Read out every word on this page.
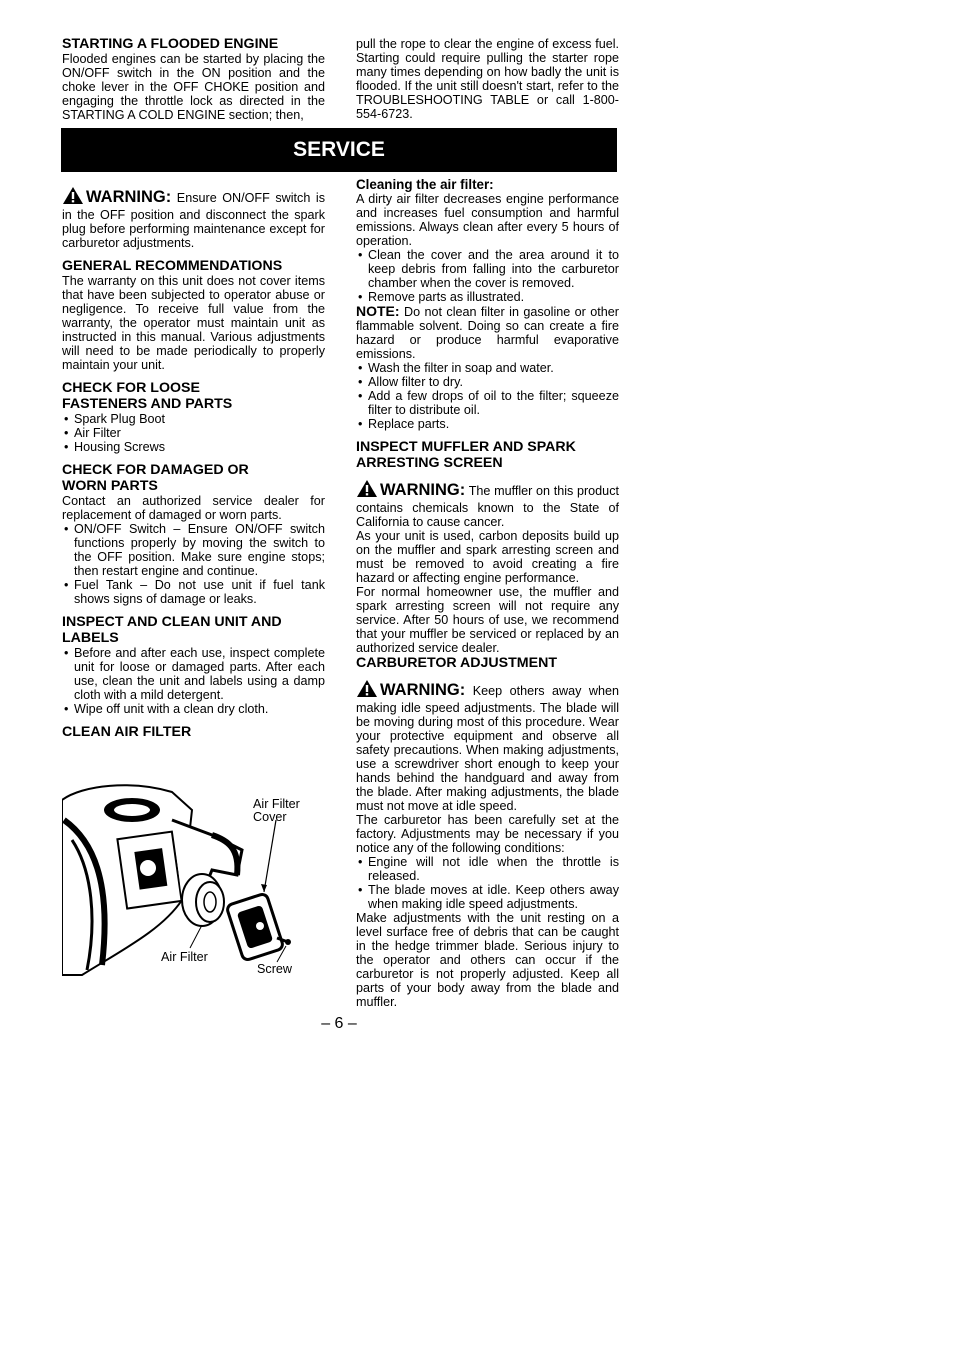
STARTING A FLOODED ENGINE

Flooded engines can be started by placing the ON/OFF switch in the ON position and the choke lever in the OFF CHOKE position and engaging the throttle lock as directed in the STARTING A COLD ENGINE section; then,

pull the rope to clear the engine of excess fuel. Starting could require pulling the starter rope many times depending on how badly the unit is flooded. If the unit still doesn't start, refer to the TROUBLESHOOTING TABLE or call 1-800-554-6723.

SERVICE

WARNING: Ensure ON/OFF switch is in the OFF position and disconnect the spark plug before performing maintenance except for carburetor adjustments.

GENERAL RECOMMENDATIONS

The warranty on this unit does not cover items that have been subjected to operator abuse or negligence. To receive full value from the warranty, the operator must maintain unit as instructed in this manual. Various adjustments will need to be made periodically to properly maintain your unit.

CHECK FOR LOOSE
FASTENERS AND PARTS
• Spark Plug Boot
• Air Filter
• Housing Screws
CHECK FOR DAMAGED OR
WORN PARTS

Contact an authorized service dealer for replacement of damaged or worn parts.

• ON/OFF Switch – Ensure ON/OFF switch functions properly by moving the switch to the OFF position. Make sure engine stops; then restart engine and continue.
• Fuel Tank – Do not use unit if fuel tank shows signs of damage or leaks.
INSPECT AND CLEAN UNIT AND
LABELS
• Before and after each use, inspect complete unit for loose or damaged parts. After each use, clean the unit and labels using a damp cloth with a mild detergent.
• Wipe off unit with a clean dry cloth.
CLEAN AIR FILTER
Air Filter
Cover
Air Filter
Screw
Cleaning the air filter:

A dirty air filter decreases engine performance and increases fuel consumption and harmful emissions. Always clean after every 5 hours of operation.

• Clean the cover and the area around it to keep debris from falling into the carburetor chamber when the cover is removed.
• Remove parts as illustrated.

NOTE: Do not clean filter in gasoline or other flammable solvent. Doing so can create a fire hazard or produce harmful evaporative emissions.

• Wash the filter in soap and water.
• Allow filter to dry.
• Add a few drops of oil to the filter; squeeze filter to distribute oil.
• Replace parts.
INSPECT MUFFLER AND SPARK
ARRESTING SCREEN

WARNING: The muffler on this product contains chemicals known to the State of California to cause cancer.

As your unit is used, carbon deposits build up on the muffler and spark arresting screen and must be removed to avoid creating a fire hazard or affecting engine performance.

For normal homeowner use, the muffler and spark arresting screen will not require any service. After 50 hours of use, we recommend that your muffler be serviced or replaced by an authorized service dealer.

CARBURETOR ADJUSTMENT

WARNING: Keep others away when making idle speed adjustments. The blade will be moving during most of this procedure. Wear your protective equipment and observe all safety precautions. When making adjustments, use a screwdriver short enough to keep your hands behind the handguard and away from the blade. After making adjustments, the blade must not move at idle speed.

The carburetor has been carefully set at the factory. Adjustments may be necessary if you notice any of the following conditions:

• Engine will not idle when the throttle is released.
• The blade moves at idle. Keep others away when making idle speed adjustments.

Make adjustments with the unit resting on a level surface free of debris that can be caught in the hedge trimmer blade. Serious injury to the operator and others can occur if the carburetor is not properly adjusted. Keep all parts of your body away from the blade and muffler.

– 6 –
